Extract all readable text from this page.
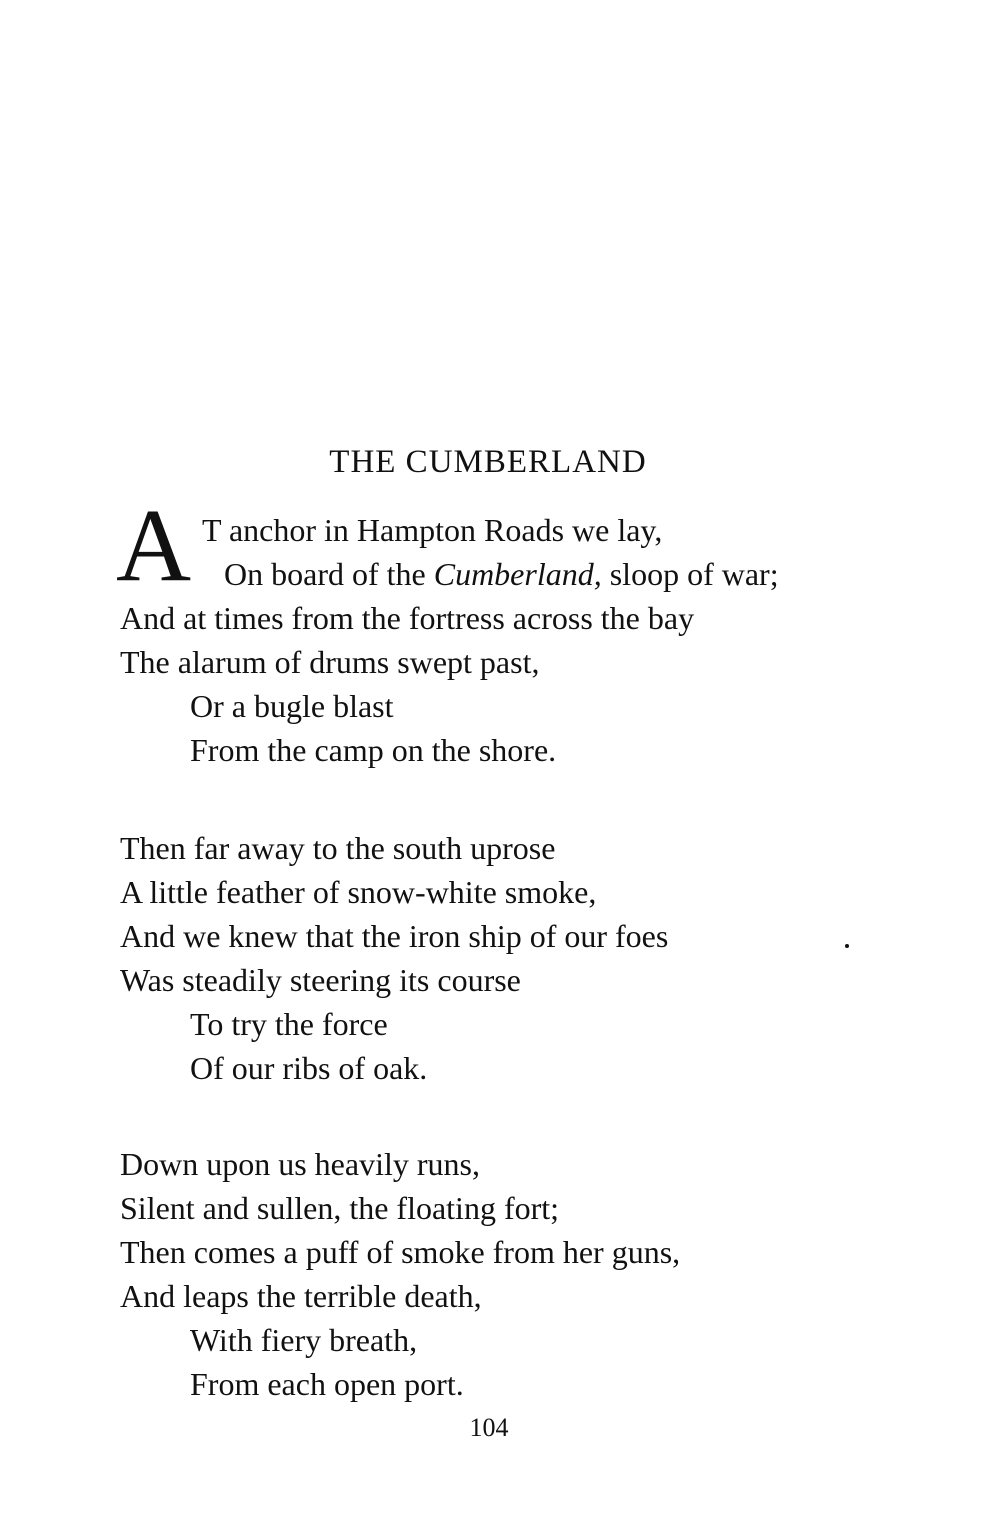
THE CUMBERLAND
A T anchor in Hampton Roads we lay,
On board of the Cumberland, sloop of war;
And at times from the fortress across the bay
The alarum of drums swept past,
Or a bugle blast
From the camp on the shore.
Then far away to the south uprose
A little feather of snow-white smoke,
And we knew that the iron ship of our foes
Was steadily steering its course
To try the force
Of our ribs of oak.
Down upon us heavily runs,
Silent and sullen, the floating fort;
Then comes a puff of smoke from her guns,
And leaps the terrible death,
With fiery breath,
From each open port.
104
